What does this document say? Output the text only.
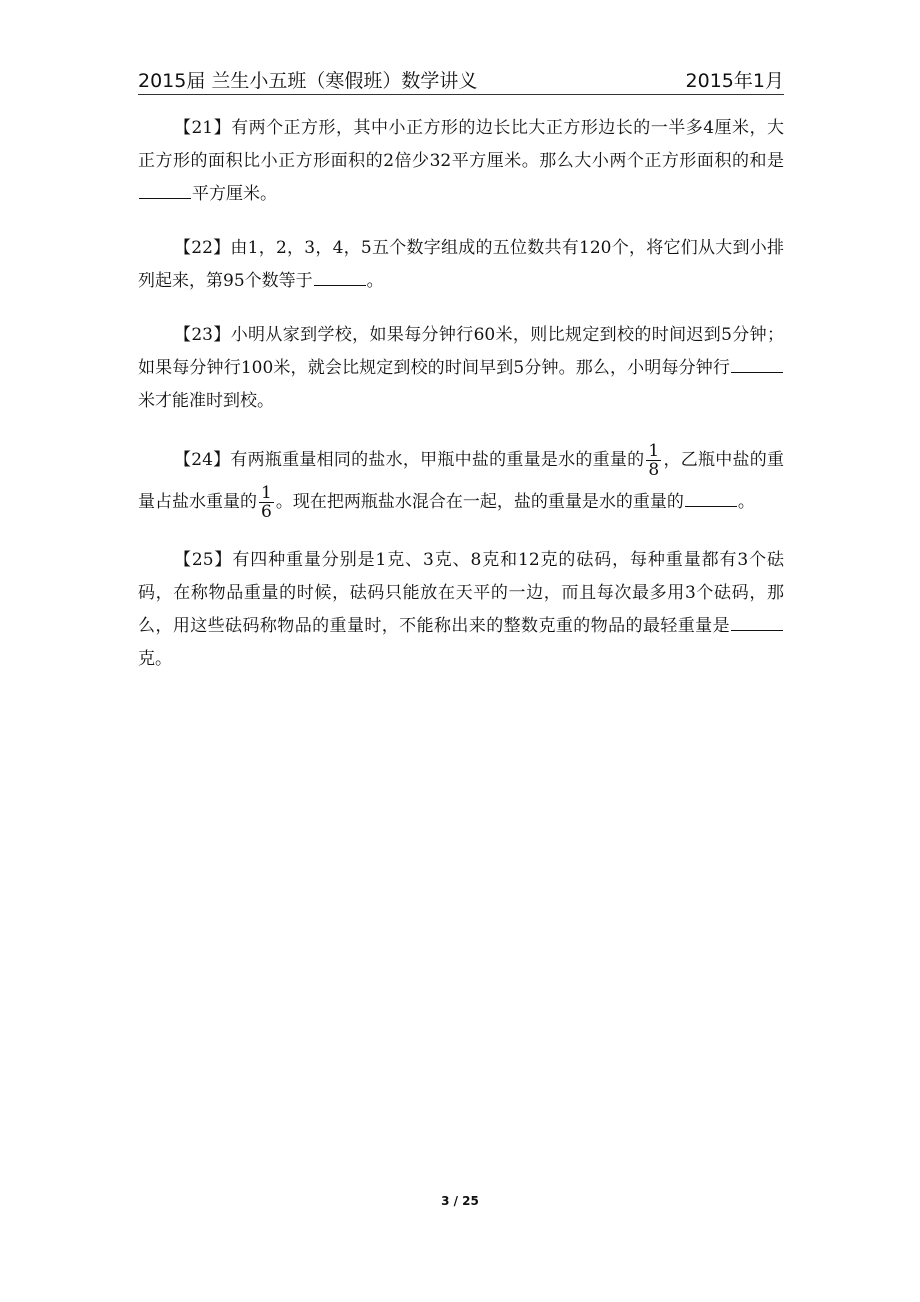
2015届 兰生小五班（寒假班）数学讲义	2015年1月

【21】有两个正方形，其中小正方形的边长比大正方形边长的一半多4厘米，大正方形的面积比小正方形面积的2倍少32平方厘米。那么大小两个正方形面积的和是平方厘米。

【22】由1，2，3，4，5五个数字组成的五位数共有120个，将它们从大到小排列起来，第95个数等于	。

【23】小明从家到学校，如果每分钟行60米，则比规定到校的时间迟到5分钟；如果每分钟行100米，就会比规定到校的时间早到5分钟。那么，小明每分钟行米才能准时到校。

【24】有两瓶重量相同的盐水，甲瓶中盐的重量是水的重量的 $\frac{1}{8}$ ，乙瓶中盐的重量占盐水重量的 $\frac{1}{6}$ 。现在把两瓶盐水混合在一起，盐的重量是水的重量的	。

【25】有四种重量分别是1克、3克、8克和12克的砝码，每种重量都有3个砝码，在称物品重量的时候，砝码只能放在天平的一边，而且每次最多用3个砝码，那么，用这些砝码称物品的重量时，不能称出来的整数克重的物品的最轻重量是克。

3 / 25
